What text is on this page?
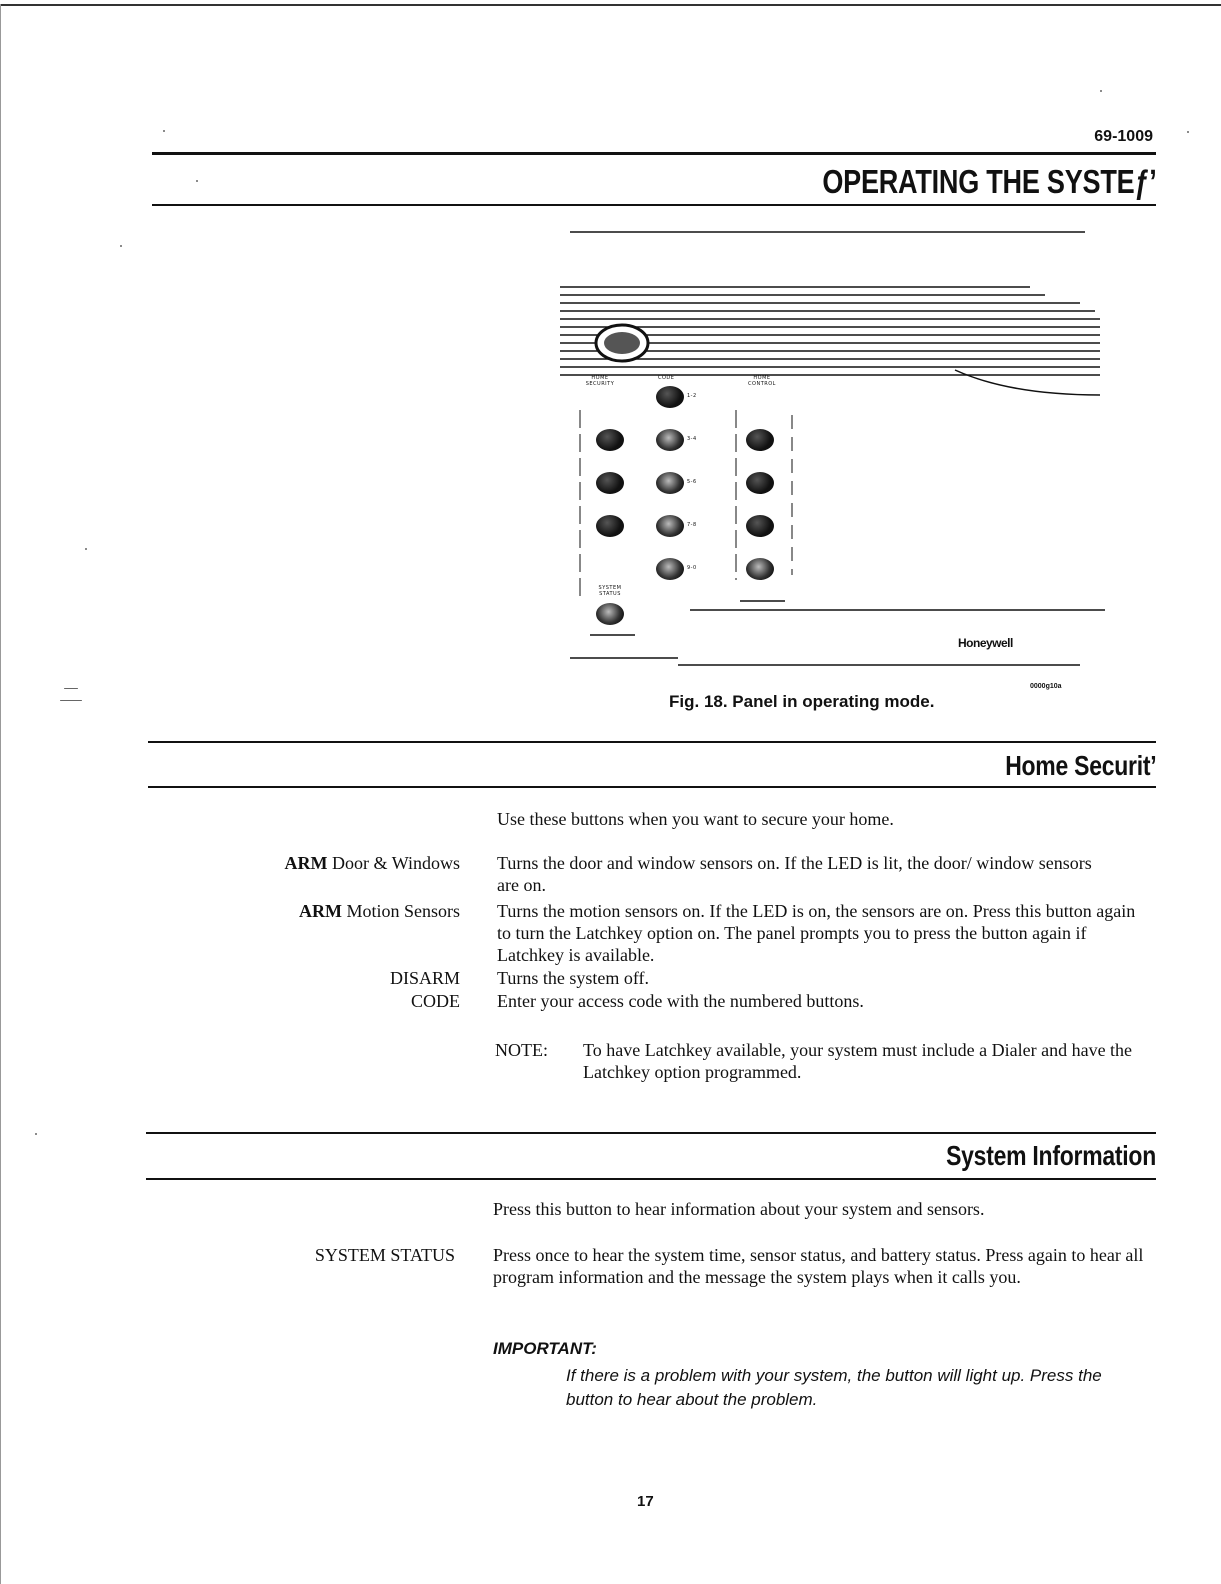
69-1009
OPERATING THE SYSTEƒʼ
HOME SECURITY
CODE	HOME CONTROL
SYSTEM STATUS
1-2
3-4
5-6
7-8
9-0
Honeywell
0000g10a
Fig. 18. Panel in operating mode.
Home Securitʼ
Use these buttons when you want to secure your home.
ARM Door & Windows Turns the door and window sensors on. If the LED is lit, the door/ window sensors are on.
ARM Motion Sensors Turns the motion sensors on. If the LED is on, the sensors are on. Press this button again to turn the Latchkey option on. The panel prompts you to press the button again if Latchkey is available.
DISARM Turns the system off.
CODE Enter your access code with the numbered buttons.
NOTE: To have Latchkey available, your system must include a Dialer and have the Latchkey option programmed.
System Information
Press this button to hear information about your system and sensors.
SYSTEM STATUS Press once to hear the system time, sensor status, and battery status. Press again to hear all program information and the message the system plays when it calls you.
IMPORTANT:
If there is a problem with your system, the button will light up. Press the button to hear about the problem.
17
